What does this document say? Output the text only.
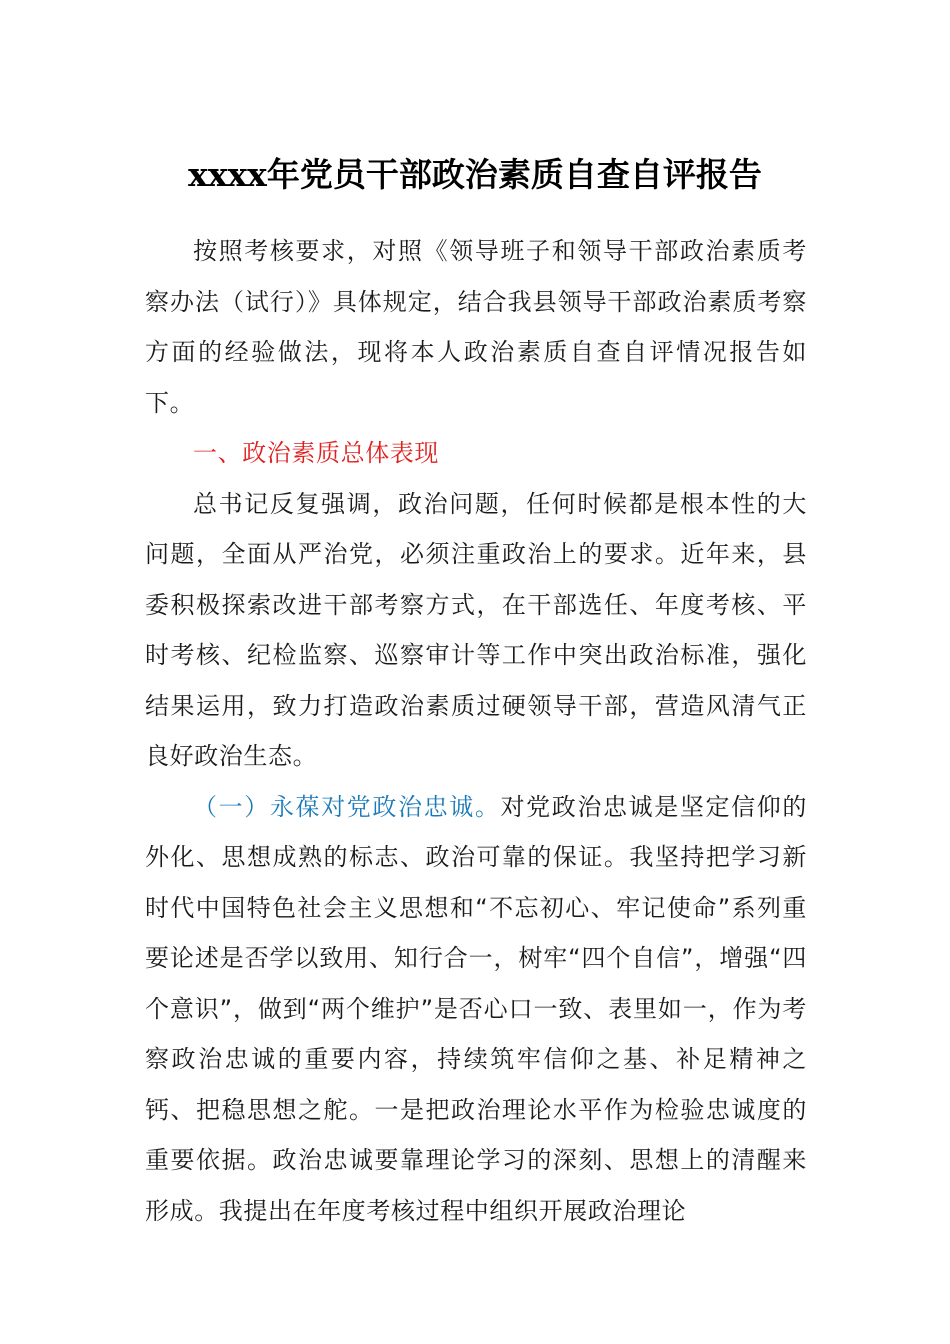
xxxx年党员干部政治素质自查自评报告

按照考核要求，对照《领导班子和领导干部政治素质考察办法（试行）》具体规定，结合我县领导干部政治素质考察方面的经验做法，现将本人政治素质自查自评情况报告如下。

一、政治素质总体表现

总书记反复强调，政治问题，任何时候都是根本性的大问题，全面从严治党，必须注重政治上的要求。近年来，县委积极探索改进干部考察方式，在干部选任、年度考核、平时考核、纪检监察、巡察审计等工作中突出政治标准，强化结果运用，致力打造政治素质过硬领导干部，营造风清气正良好政治生态。

（一）永葆对党政治忠诚。对党政治忠诚是坚定信仰的外化、思想成熟的标志、政治可靠的保证。我坚持把学习新时代中国特色社会主义思想和“不忘初心、牢记使命”系列重要论述是否学以致用、知行合一，树牢“四个自信”，增强“四个意识”，做到“两个维护”是否心口一致、表里如一，作为考察政治忠诚的重要内容，持续筑牢信仰之基、补足精神之钙、把稳思想之舵。一是把政治理论水平作为检验忠诚度的重要依据。政治忠诚要靠理论学习的深刻、思想上的清醒来形成。我提出在年度考核过程中组织开展政治理论
